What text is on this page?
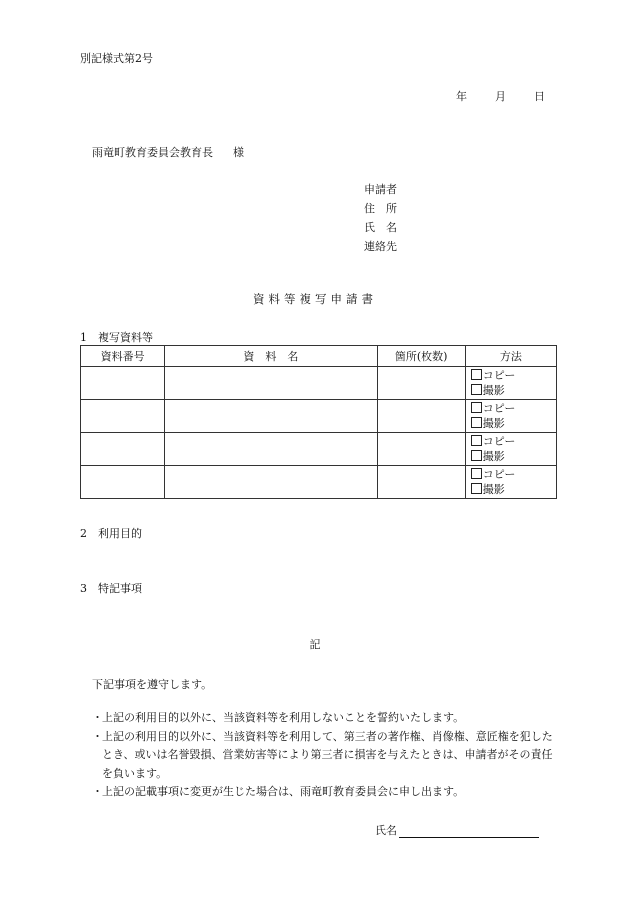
別記様式第2号
年	月	日
雨竜町教育委員会教育長 様
申請者
住　所
氏　名
連絡先
資料等複写申請書
1　複写資料等
資料番号	資　料　名	箇所(枚数)	方法

			コピー
撮影

			コピー
撮影

			コピー
撮影

			コピー
撮影
2　利用目的
3　特記事項
記
下記事項を遵守します。
・ 上記の利用目的以外に、当該資料等を利用しないことを誓約いたします。
・ 上記の利用目的以外に、当該資料等を利用して、第三者の著作権、肖像権、意匠権を犯したとき、或いは名誉毀損、営業妨害等により第三者に損害を与えたときは、申請者がその責任を負います。
・ 上記の記載事項に変更が生じた場合は、雨竜町教育委員会に申し出ます。
氏名
